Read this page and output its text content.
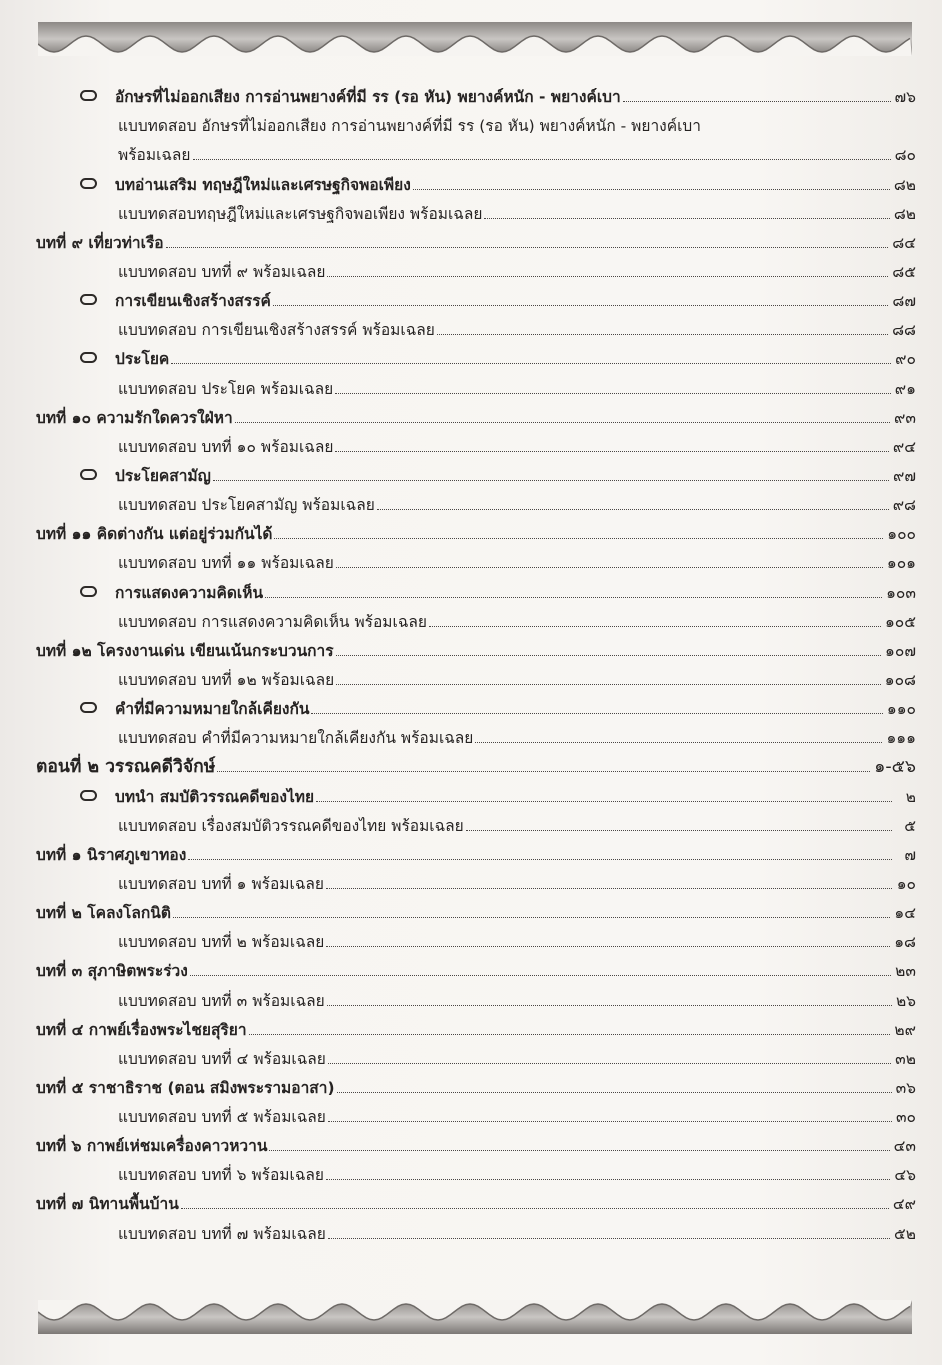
อักษรที่ไม่ออกเสียง การอ่านพยางค์ที่มี รร (รอ หัน) พยางค์หนัก - พยางค์เบา	๗๖
แบบทดสอบ อักษรที่ไม่ออกเสียง การอ่านพยางค์ที่มี รร (รอ หัน) พยางค์หนัก - พยางค์เบา
พร้อมเฉลย	๘๐
บทอ่านเสริม ทฤษฎีใหม่และเศรษฐกิจพอเพียง	๘๒
แบบทดสอบทฤษฎีใหม่และเศรษฐกิจพอเพียง พร้อมเฉลย	๘๒
บทที่ ๙ เที่ยวท่าเรือ	๘๔
แบบทดสอบ บทที่ ๙ พร้อมเฉลย	๘๕
การเขียนเชิงสร้างสรรค์	๘๗
แบบทดสอบ การเขียนเชิงสร้างสรรค์ พร้อมเฉลย	๘๘
ประโยค	๙๐
แบบทดสอบ ประโยค พร้อมเฉลย	๙๑
บทที่ ๑๐ ความรักใดควรใฝ่หา	๙๓
แบบทดสอบ บทที่ ๑๐ พร้อมเฉลย	๙๔
ประโยคสามัญ	๙๗
แบบทดสอบ ประโยคสามัญ พร้อมเฉลย	๙๘
บทที่ ๑๑ คิดต่างกัน แต่อยู่ร่วมกันได้	๑๐๐
แบบทดสอบ บทที่ ๑๑ พร้อมเฉลย	๑๐๑
การแสดงความคิดเห็น	๑๐๓
แบบทดสอบ การแสดงความคิดเห็น พร้อมเฉลย	๑๐๕
บทที่ ๑๒ โครงงานเด่น เขียนเน้นกระบวนการ	๑๐๗
แบบทดสอบ บทที่ ๑๒ พร้อมเฉลย	๑๐๘
คำที่มีความหมายใกล้เคียงกัน	๑๑๐
แบบทดสอบ คำที่มีความหมายใกล้เคียงกัน พร้อมเฉลย	๑๑๑
ตอนที่ ๒ วรรณคดีวิจักษ์	๑-๕๖
บทนำ สมบัติวรรณคดีของไทย	๒
แบบทดสอบ เรื่องสมบัติวรรณคดีของไทย พร้อมเฉลย	๕
บทที่ ๑ นิราศภูเขาทอง	๗
แบบทดสอบ บทที่ ๑ พร้อมเฉลย	๑๐
บทที่ ๒ โคลงโลกนิติ	๑๔
แบบทดสอบ บทที่ ๒ พร้อมเฉลย	๑๘
บทที่ ๓ สุภาษิตพระร่วง	๒๓
แบบทดสอบ บทที่ ๓ พร้อมเฉลย	๒๖
บทที่ ๔ กาพย์เรื่องพระไชยสุริยา	๒๙
แบบทดสอบ บทที่ ๔ พร้อมเฉลย	๓๒
บทที่ ๕ ราชาธิราช (ตอน สมิงพระรามอาสา)	๓๖
แบบทดสอบ บทที่ ๕ พร้อมเฉลย	๓๐
บทที่ ๖ กาพย์เห่ชมเครื่องคาวหวาน	๔๓
แบบทดสอบ บทที่ ๖ พร้อมเฉลย	๔๖
บทที่ ๗ นิทานพื้นบ้าน	๔๙
แบบทดสอบ บทที่ ๗ พร้อมเฉลย	๕๒
